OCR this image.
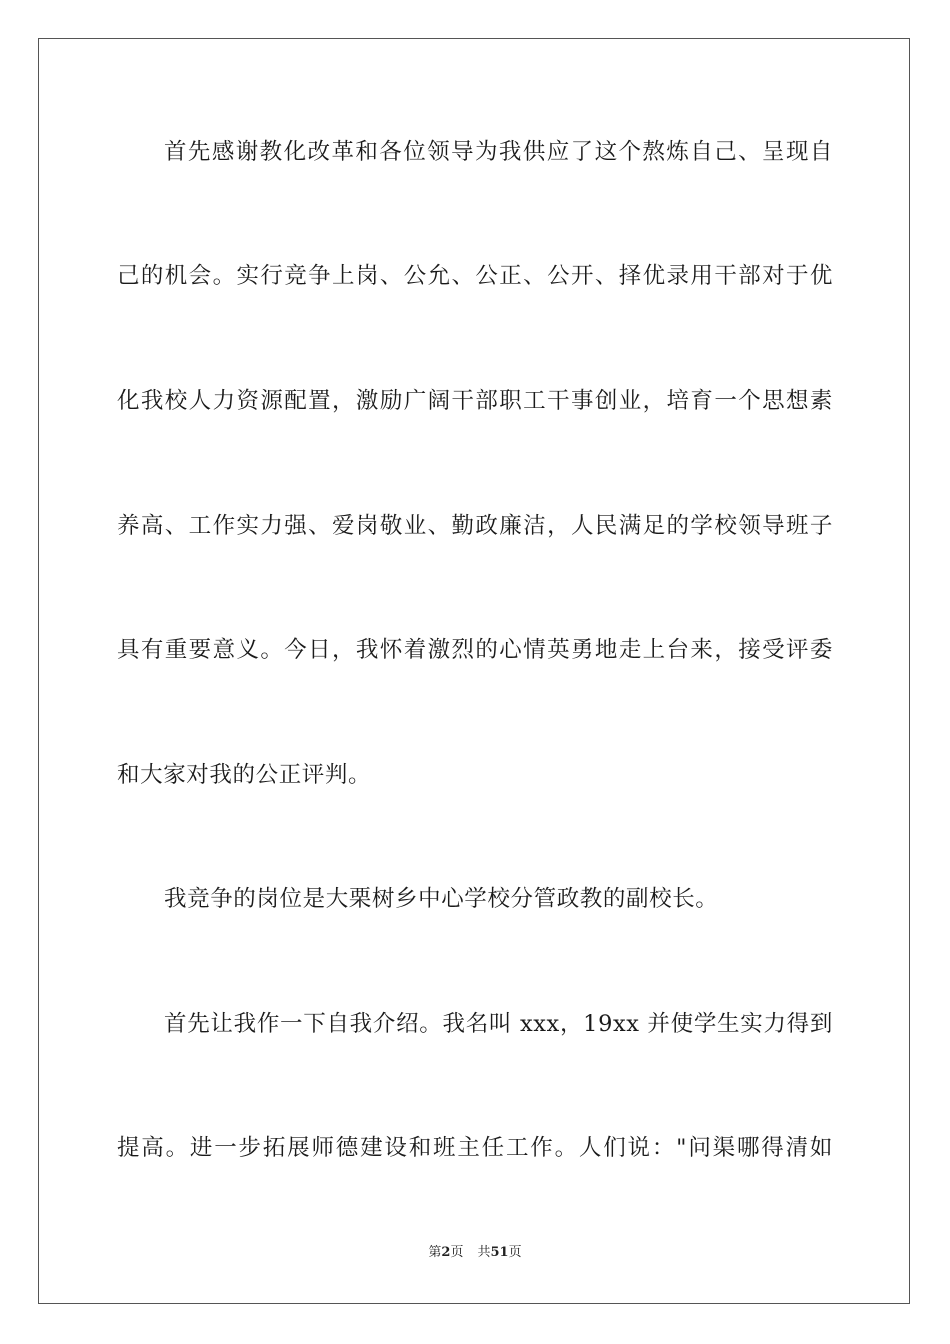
首先感谢教化改革和各位领导为我供应了这个熬炼自己、呈现自
己的机会。实行竞争上岗、公允、公正、公开、择优录用干部对于优
化我校人力资源配置，激励广阔干部职工干事创业，培育一个思想素
养高、工作实力强、爱岗敬业、勤政廉洁，人民满足的学校领导班子
具有重要意义。今日，我怀着激烈的心情英勇地走上台来，接受评委
和大家对我的公正评判。
我竞争的岗位是大栗树乡中心学校分管政教的副校长。
首先让我作一下自我介绍。我名叫 xxx，19xx 并使学生实力得到
提高。进一步拓展师德建设和班主任工作。人们说："问渠哪得清如
第2页 共51页
